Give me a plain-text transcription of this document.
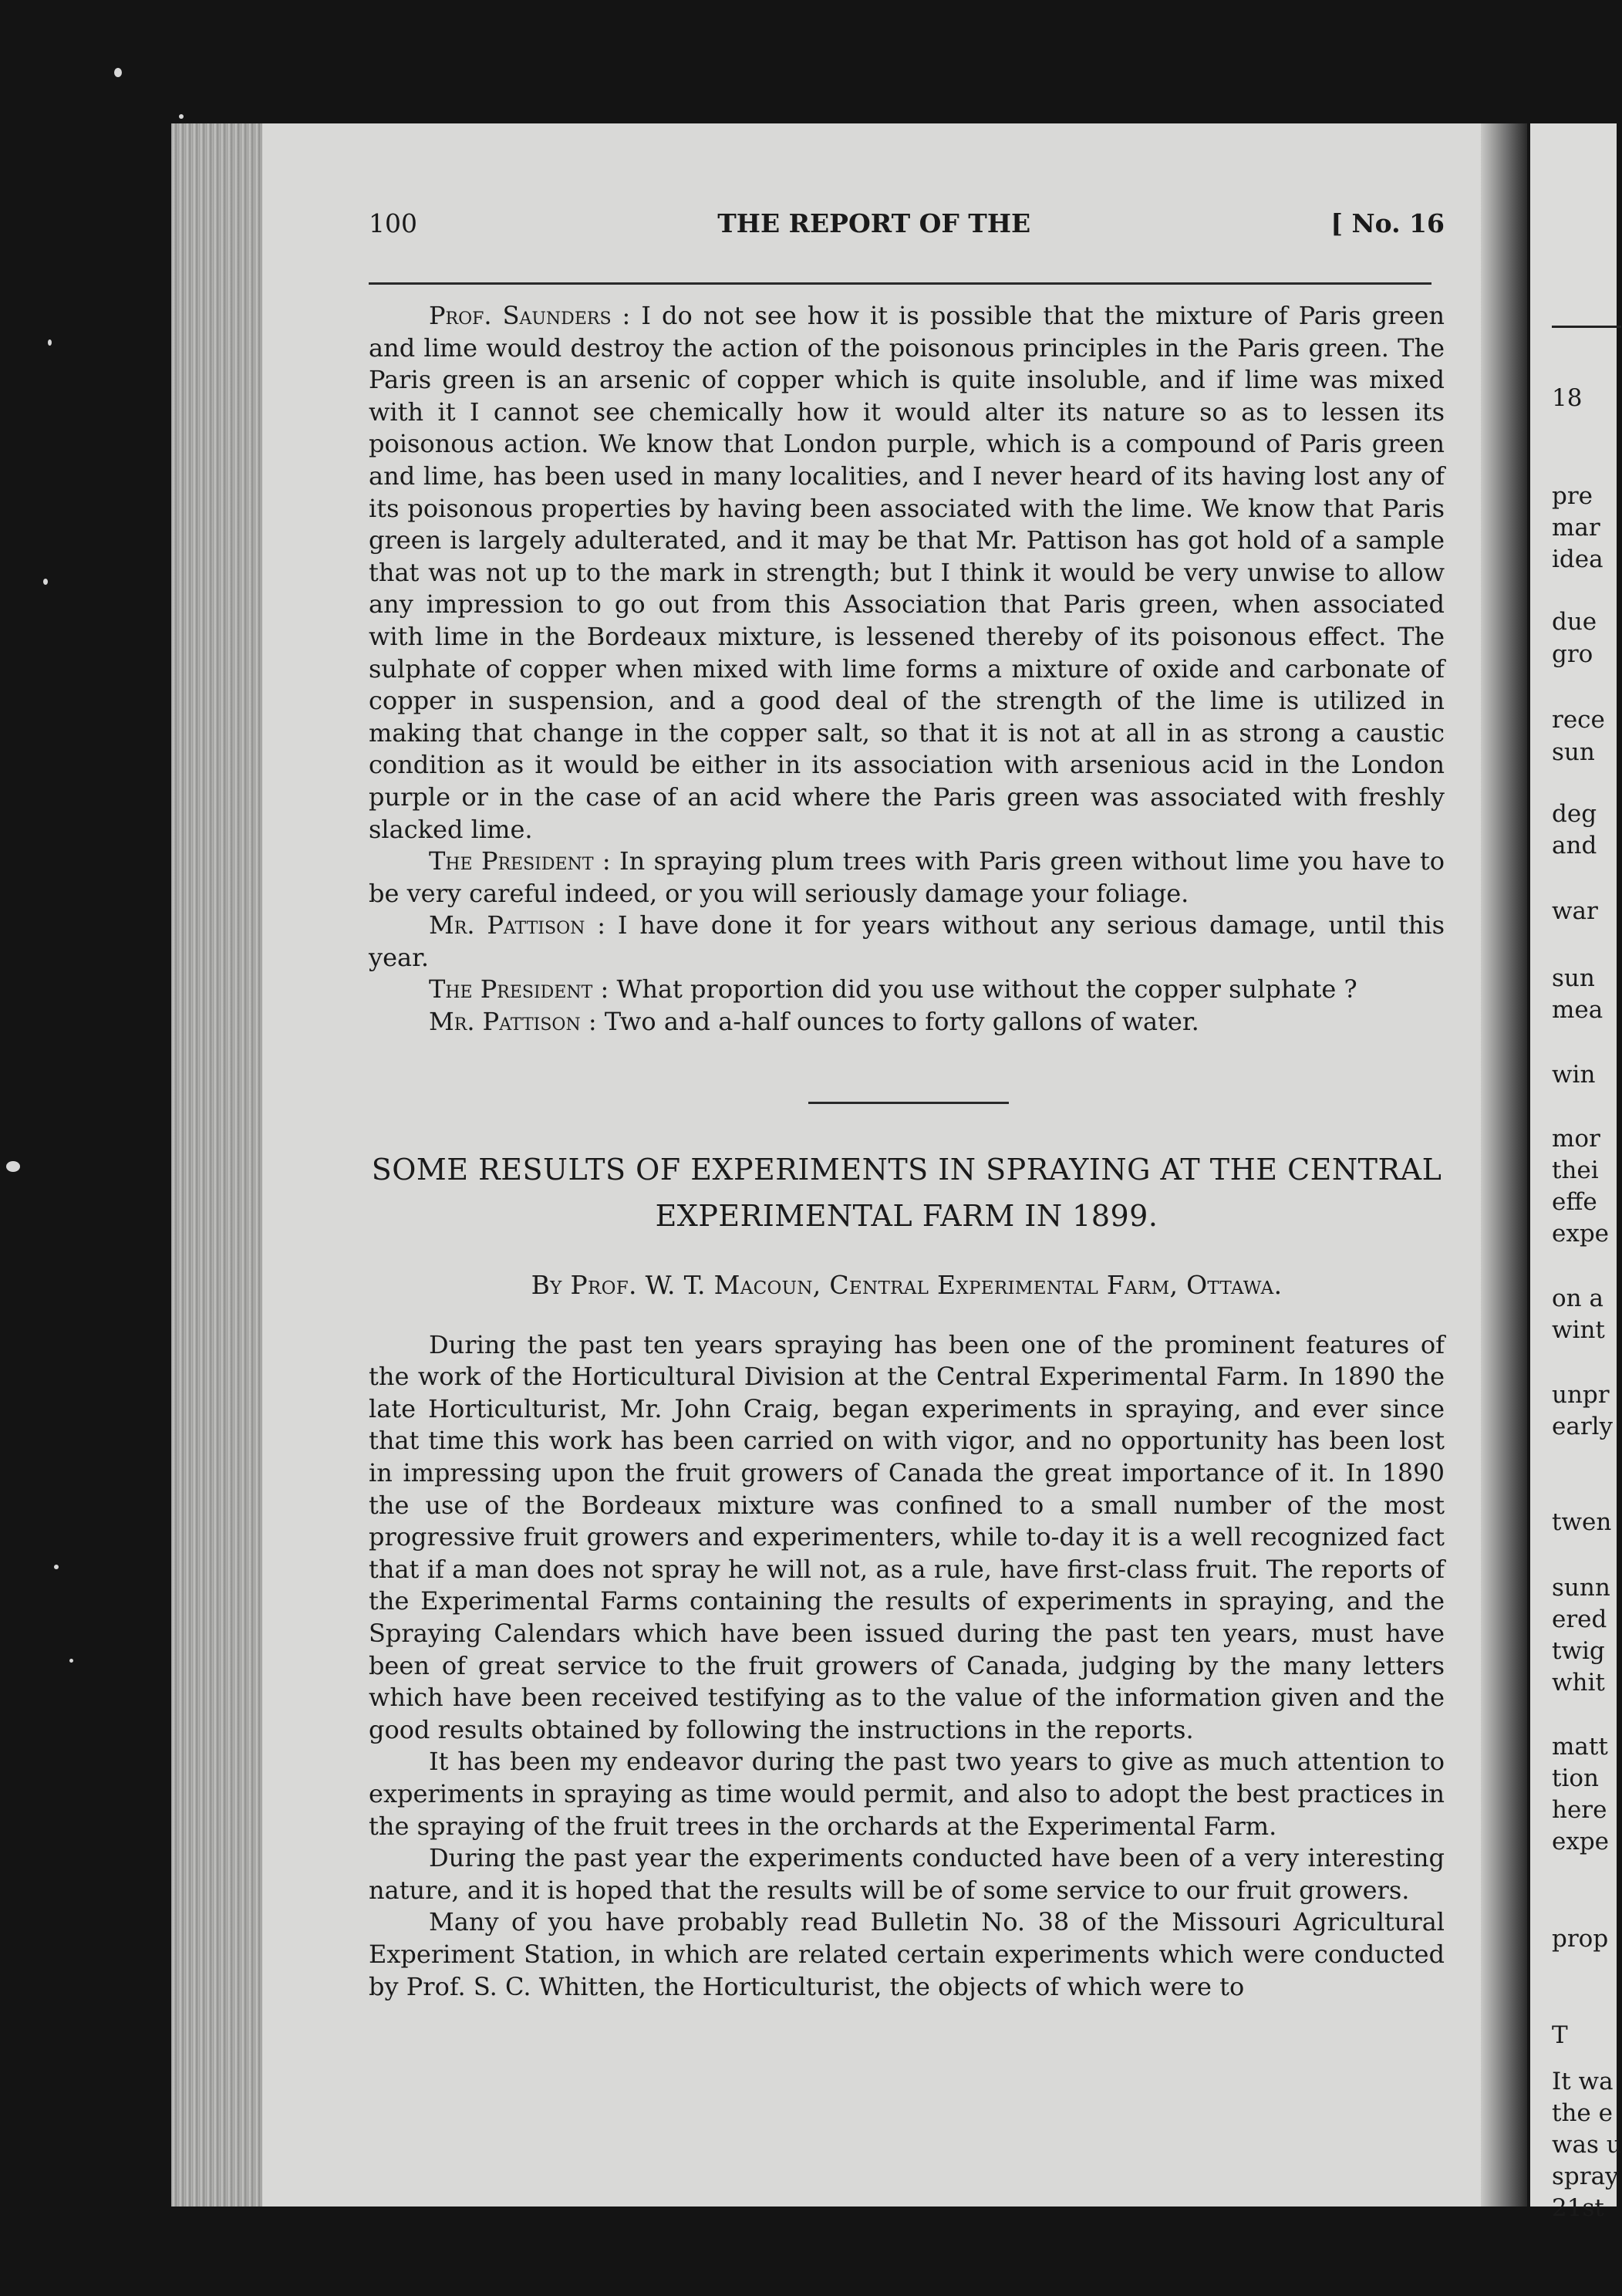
18
pre
mar
idea
due
gro
rece
sun
deg
and
war
sun
mea
win
mor
thei
effe
expe
on a
wint
unpr
early
twen
sunn
ered
twig
whit
matt
tion
here
expe
prop
T
It wa
the e
was u
spray
21st
100	THE REPORT OF THE	[ No. 16

Prof. Saunders : I do not see how it is possible that the mixture of Paris green and lime would destroy the action of the poisonous principles in the Paris green. The Paris green is an arsenic of copper which is quite insoluble, and if lime was mixed with it I cannot see chemically how it would alter its nature so as to lessen its poisonous action. We know that London purple, which is a compound of Paris green and lime, has been used in many localities, and I never heard of its having lost any of its poisonous properties by having been associated with the lime. We know that Paris green is largely adulterated, and it may be that Mr. Pattison has got hold of a sample that was not up to the mark in strength; but I think it would be very unwise to allow any impression to go out from this Association that Paris green, when associated with lime in the Bordeaux mixture, is lessened thereby of its poisonous effect. The sulphate of copper when mixed with lime forms a mixture of oxide and carbonate of copper in suspension, and a good deal of the strength of the lime is utilized in making that change in the copper salt, so that it is not at all in as strong a caustic condition as it would be either in its association with arsenious acid in the London purple or in the case of an acid where the Paris green was associated with freshly slacked lime.

The President : In spraying plum trees with Paris green without lime you have to be very careful indeed, or you will seriously damage your foliage.

Mr. Pattison : I have done it for years without any serious damage, until this year.

The President : What proportion did you use without the copper sulphate ?

Mr. Pattison : Two and a-half ounces to forty gallons of water.

SOME RESULTS OF EXPERIMENTS IN SPRAYING AT THE CENTRAL
EXPERIMENTAL FARM IN 1899.
By Prof. W. T. Macoun, Central Experimental Farm, Ottawa.

During the past ten years spraying has been one of the prominent features of the work of the Horticultural Division at the Central Experimental Farm. In 1890 the late Horticulturist, Mr. John Craig, began experiments in spraying, and ever since that time this work has been carried on with vigor, and no opportunity has been lost in impressing upon the fruit growers of Canada the great importance of it. In 1890 the use of the Bordeaux mixture was confined to a small number of the most progressive fruit growers and experimenters, while to-day it is a well recognized fact that if a man does not spray he will not, as a rule, have first-class fruit. The reports of the Experimental Farms containing the results of experiments in spraying, and the Spraying Calendars which have been issued during the past ten years, must have been of great service to the fruit growers of Canada, judging by the many letters which have been received testifying as to the value of the information given and the good results obtained by following the instructions in the reports.

It has been my endeavor during the past two years to give as much attention to experiments in spraying as time would permit, and also to adopt the best practices in the spraying of the fruit trees in the orchards at the Experimental Farm.

During the past year the experiments conducted have been of a very interesting nature, and it is hoped that the results will be of some service to our fruit growers.

Many of you have probably read Bulletin No. 38 of the Missouri Agricultural Experiment Station, in which are related certain experiments which were conducted by Prof. S. C. Whitten, the Horticulturist, the objects of which were to
